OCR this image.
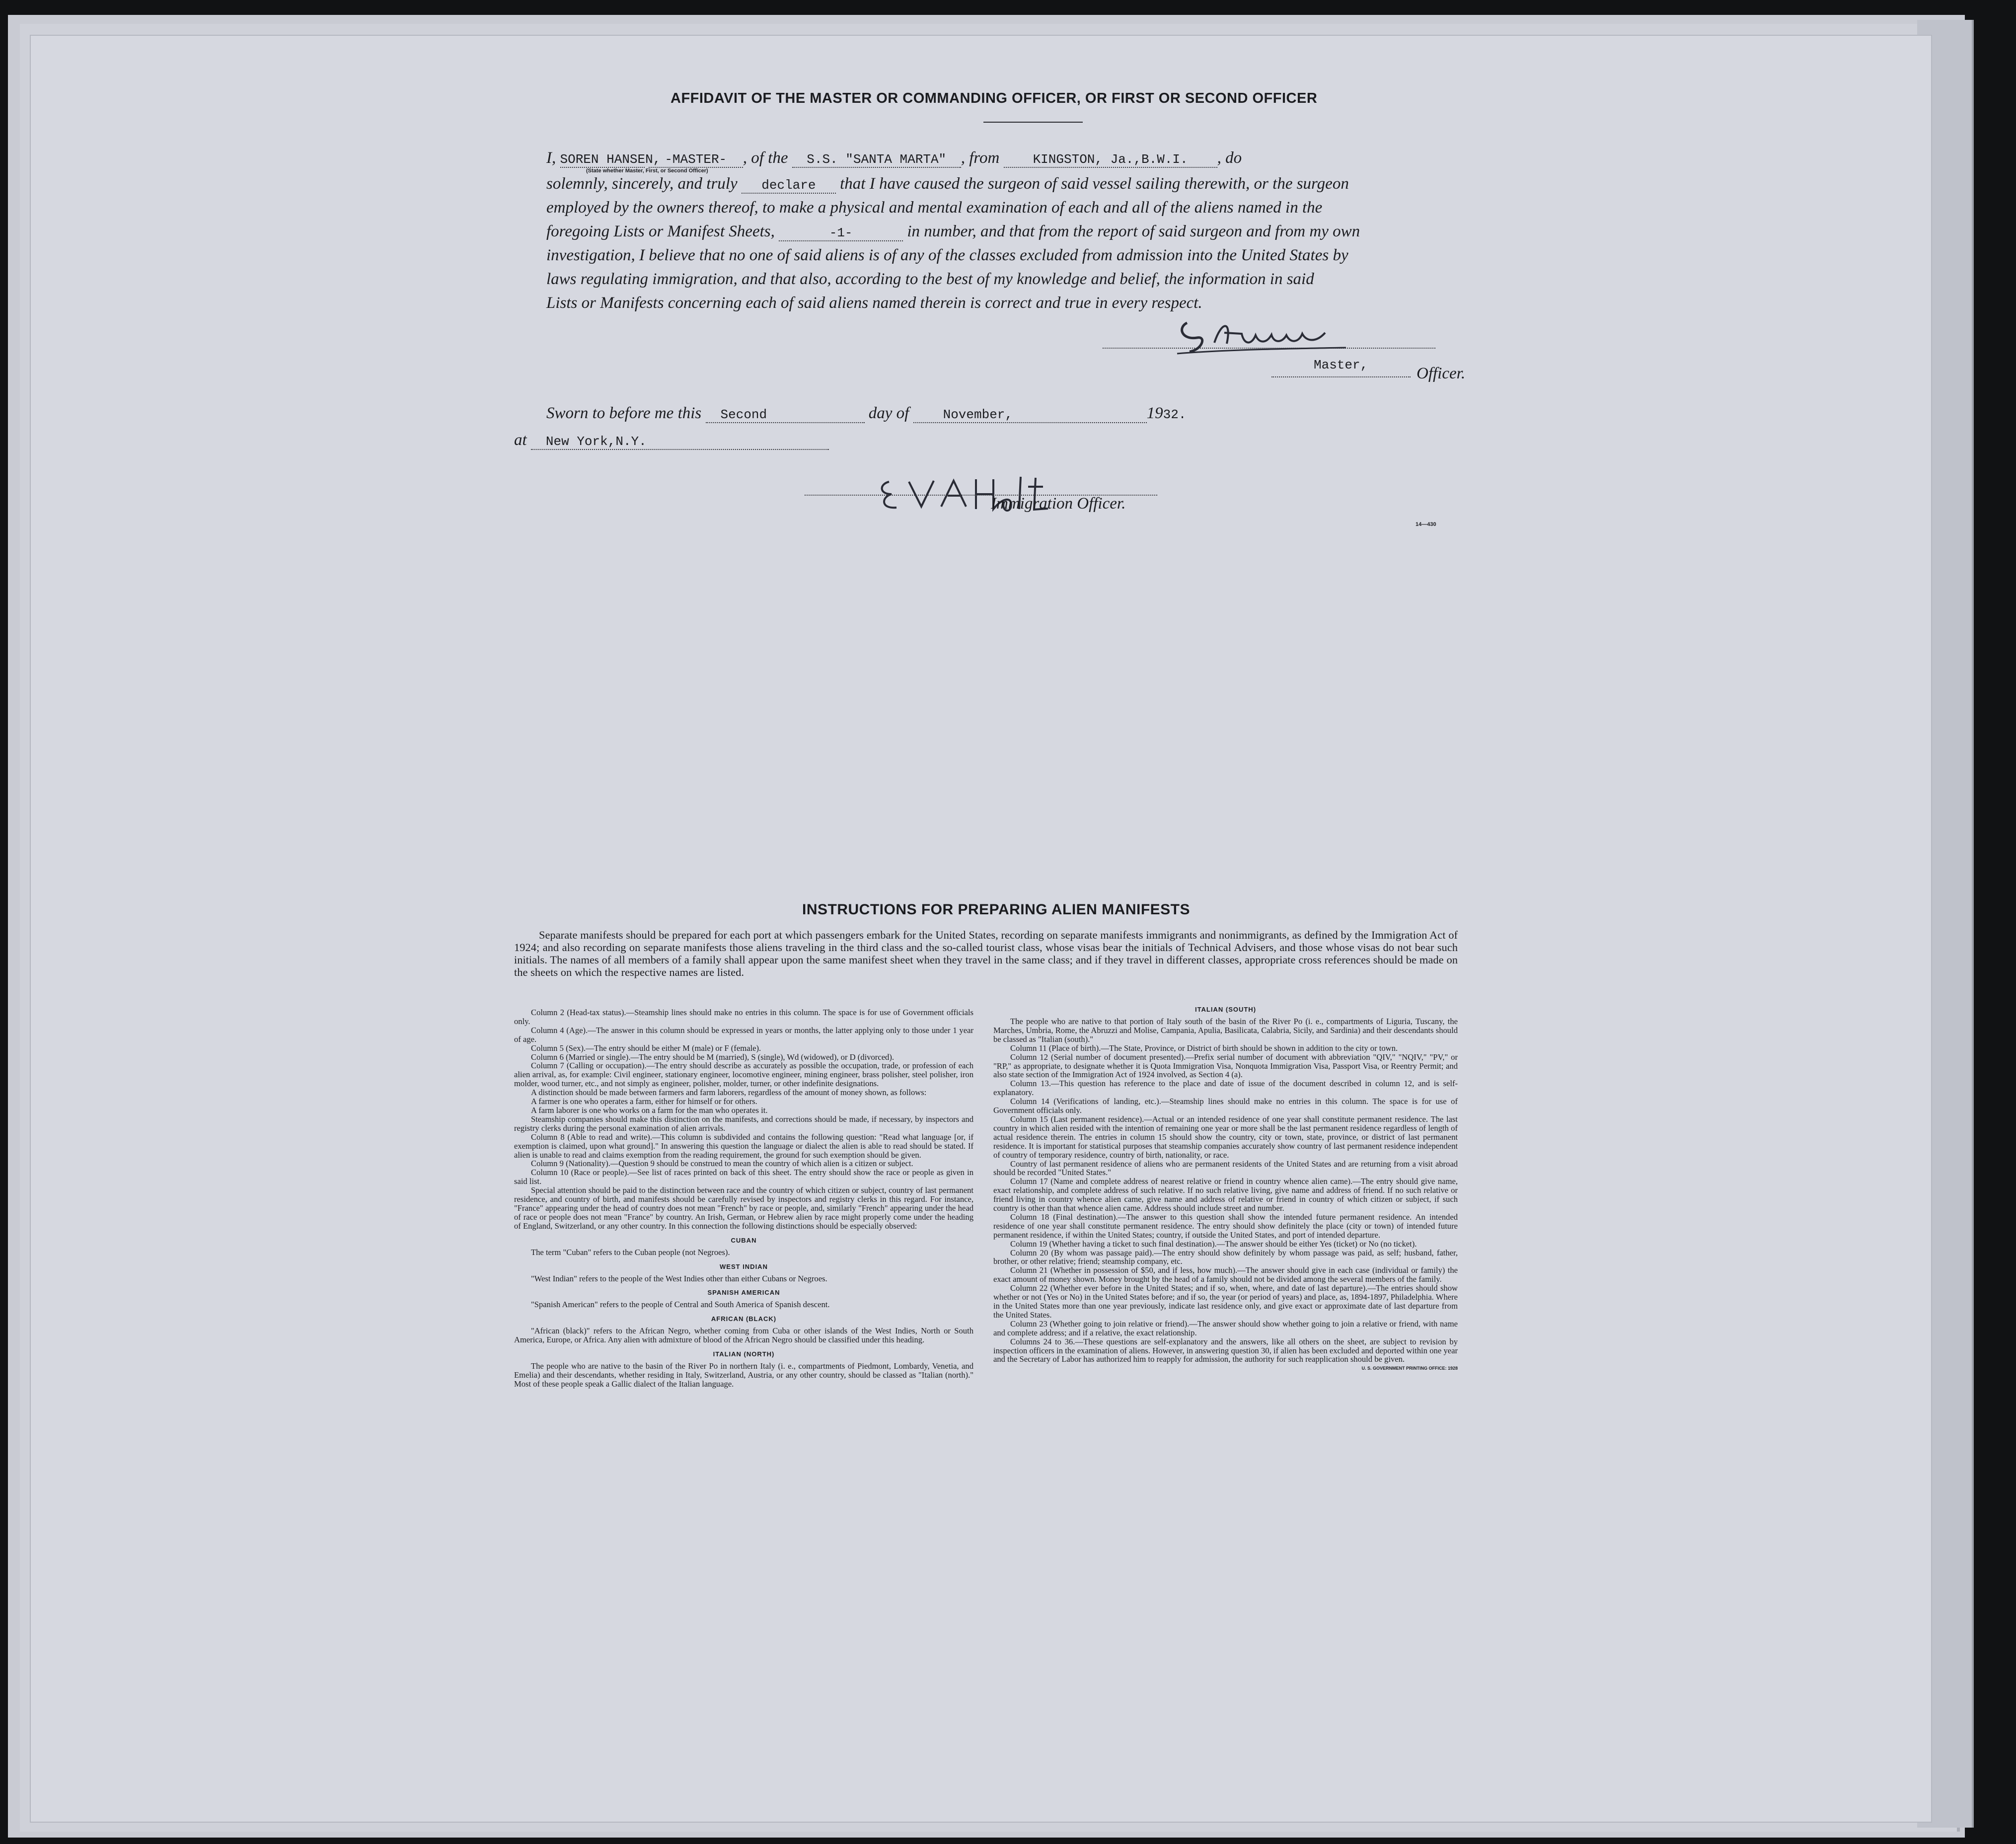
AFFIDAVIT OF THE MASTER OR COMMANDING OFFICER, OR FIRST OR SECOND OFFICER
I, SOREN HANSEN, -MASTER- , of the S.S. "SANTA MARTA" , from	KINGSTON, Ja.,B.W.I. , do
(State whether Master, First, or Second Officer)
solemnly, sincerely, and truly declare that I have caused the surgeon of said vessel sailing therewith, or the surgeon
employed by the owners thereof, to make a physical and mental examination of each and all of the aliens named in the
foregoing Lists or Manifest Sheets,	-1-	in number, and that from the report of said surgeon and from my own
investigation, I believe that no one of said aliens is of any of the classes excluded from admission into the United States by
laws regulating immigration, and that also, according to the best of my knowledge and belief, the information in said
Lists or Manifests concerning each of said aliens named therein is correct and true in every respect.
Master,	Officer.
Sworn to before me this Second	day of	November,	1932.
at New York,N.Y.
Immigration Officer.
14—430
INSTRUCTIONS FOR PREPARING ALIEN MANIFESTS
Separate manifests should be prepared for each port at which passengers embark for the United States, recording on separate manifests immigrants and nonimmigrants, as defined by the Immigration Act of 1924; and also recording on separate manifests those aliens traveling in the third class and the so-called tourist class, whose visas bear the initials of Technical Advisers, and those whose visas do not bear such initials. The names of all members of a family shall appear upon the same manifest sheet when they travel in the same class; and if they travel in different classes, appropriate cross references should be made on the sheets on which the respective names are listed.

Column 2 (Head-tax status).—Steamship lines should make no entries in this column. The space is for use of Government officials only.

Column 4 (Age).—The answer in this column should be expressed in years or months, the latter applying only to those under 1 year of age.

Column 5 (Sex).—The entry should be either M (male) or F (female).

Column 6 (Married or single).—The entry should be M (married), S (single), Wd (widowed), or D (divorced).

Column 7 (Calling or occupation).—The entry should describe as accurately as possible the occupation, trade, or profession of each alien arrival, as, for example: Civil engineer, stationary engineer, locomotive engineer, mining engineer, brass polisher, steel polisher, iron molder, wood turner, etc., and not simply as engineer, polisher, molder, turner, or other indefinite designations.

A distinction should be made between farmers and farm laborers, regardless of the amount of money shown, as follows:

A farmer is one who operates a farm, either for himself or for others.

A farm laborer is one who works on a farm for the man who operates it.

Steamship companies should make this distinction on the manifests, and corrections should be made, if necessary, by inspectors and registry clerks during the personal examination of alien arrivals.

Column 8 (Able to read and write).—This column is subdivided and contains the following question: "Read what language [or, if exemption is claimed, upon what ground]." In answering this question the language or dialect the alien is able to read should be stated. If alien is unable to read and claims exemption from the reading requirement, the ground for such exemption should be given.

Column 9 (Nationality).—Question 9 should be construed to mean the country of which alien is a citizen or subject.

Column 10 (Race or people).—See list of races printed on back of this sheet. The entry should show the race or people as given in said list.

Special attention should be paid to the distinction between race and the country of which citizen or subject, country of last permanent residence, and country of birth, and manifests should be carefully revised by inspectors and registry clerks in this regard. For instance, "France" appearing under the head of country does not mean "French" by race or people, and, similarly "French" appearing under the head of race or people does not mean "France" by country. An Irish, German, or Hebrew alien by race might properly come under the heading of England, Switzerland, or any other country. In this connection the following distinctions should be especially observed:

CUBAN

The term "Cuban" refers to the Cuban people (not Negroes).

WEST INDIAN

"West Indian" refers to the people of the West Indies other than either Cubans or Negroes.

SPANISH AMERICAN

"Spanish American" refers to the people of Central and South America of Spanish descent.

AFRICAN (BLACK)

"African (black)" refers to the African Negro, whether coming from Cuba or other islands of the West Indies, North or South America, Europe, or Africa. Any alien with admixture of blood of the African Negro should be classified under this heading.

ITALIAN (NORTH)

The people who are native to the basin of the River Po in northern Italy (i. e., compartments of Piedmont, Lombardy, Venetia, and Emelia) and their descendants, whether residing in Italy, Switzerland, Austria, or any other country, should be classed as "Italian (north)." Most of these people speak a Gallic dialect of the Italian language.

ITALIAN (SOUTH)

The people who are native to that portion of Italy south of the basin of the River Po (i. e., compartments of Liguria, Tuscany, the Marches, Umbria, Rome, the Abruzzi and Molise, Campania, Apulia, Basilicata, Calabria, Sicily, and Sardinia) and their descendants should be classed as "Italian (south)."

Column 11 (Place of birth).—The State, Province, or District of birth should be shown in addition to the city or town.

Column 12 (Serial number of document presented).—Prefix serial number of document with abbreviation "QIV," "NQIV," "PV," or "RP," as appropriate, to designate whether it is Quota Immigration Visa, Nonquota Immigration Visa, Passport Visa, or Reentry Permit; and also state section of the Immigration Act of 1924 involved, as Section 4 (a).

Column 13.—This question has reference to the place and date of issue of the document described in column 12, and is self-explanatory.

Column 14 (Verifications of landing, etc.).—Steamship lines should make no entries in this column. The space is for use of Government officials only.

Column 15 (Last permanent residence).—Actual or an intended residence of one year shall constitute permanent residence. The last country in which alien resided with the intention of remaining one year or more shall be the last permanent residence regardless of length of actual residence therein. The entries in column 15 should show the country, city or town, state, province, or district of last permanent residence. It is important for statistical purposes that steamship companies accurately show country of last permanent residence independent of country of temporary residence, country of birth, nationality, or race.

Country of last permanent residence of aliens who are permanent residents of the United States and are returning from a visit abroad should be recorded "United States."

Column 17 (Name and complete address of nearest relative or friend in country whence alien came).—The entry should give name, exact relationship, and complete address of such relative. If no such relative living, give name and address of friend. If no such relative or friend living in country whence alien came, give name and address of relative or friend in country of which citizen or subject, if such country is other than that whence alien came. Address should include street and number.

Column 18 (Final destination).—The answer to this question shall show the intended future permanent residence. An intended residence of one year shall constitute permanent residence. The entry should show definitely the place (city or town) of intended future permanent residence, if within the United States; country, if outside the United States, and port of intended departure.

Column 19 (Whether having a ticket to such final destination).—The answer should be either Yes (ticket) or No (no ticket).

Column 20 (By whom was passage paid).—The entry should show definitely by whom passage was paid, as self; husband, father, brother, or other relative; friend; steamship company, etc.

Column 21 (Whether in possession of $50, and if less, how much).—The answer should give in each case (individual or family) the exact amount of money shown. Money brought by the head of a family should not be divided among the several members of the family.

Column 22 (Whether ever before in the United States; and if so, when, where, and date of last departure).—The entries should show whether or not (Yes or No) in the United States before; and if so, the year (or period of years) and place, as, 1894-1897, Philadelphia. Where in the United States more than one year previously, indicate last residence only, and give exact or approximate date of last departure from the United States.

Column 23 (Whether going to join relative or friend).—The answer should show whether going to join a relative or friend, with name and complete address; and if a relative, the exact relationship.

Columns 24 to 36.—These questions are self-explanatory and the answers, like all others on the sheet, are subject to revision by inspection officers in the examination of aliens. However, in answering question 30, if alien has been excluded and deported within one year and the Secretary of Labor has authorized him to reapply for admission, the authority for such reapplication should be given.

U. S. GOVERNMENT PRINTING OFFICE: 1928
